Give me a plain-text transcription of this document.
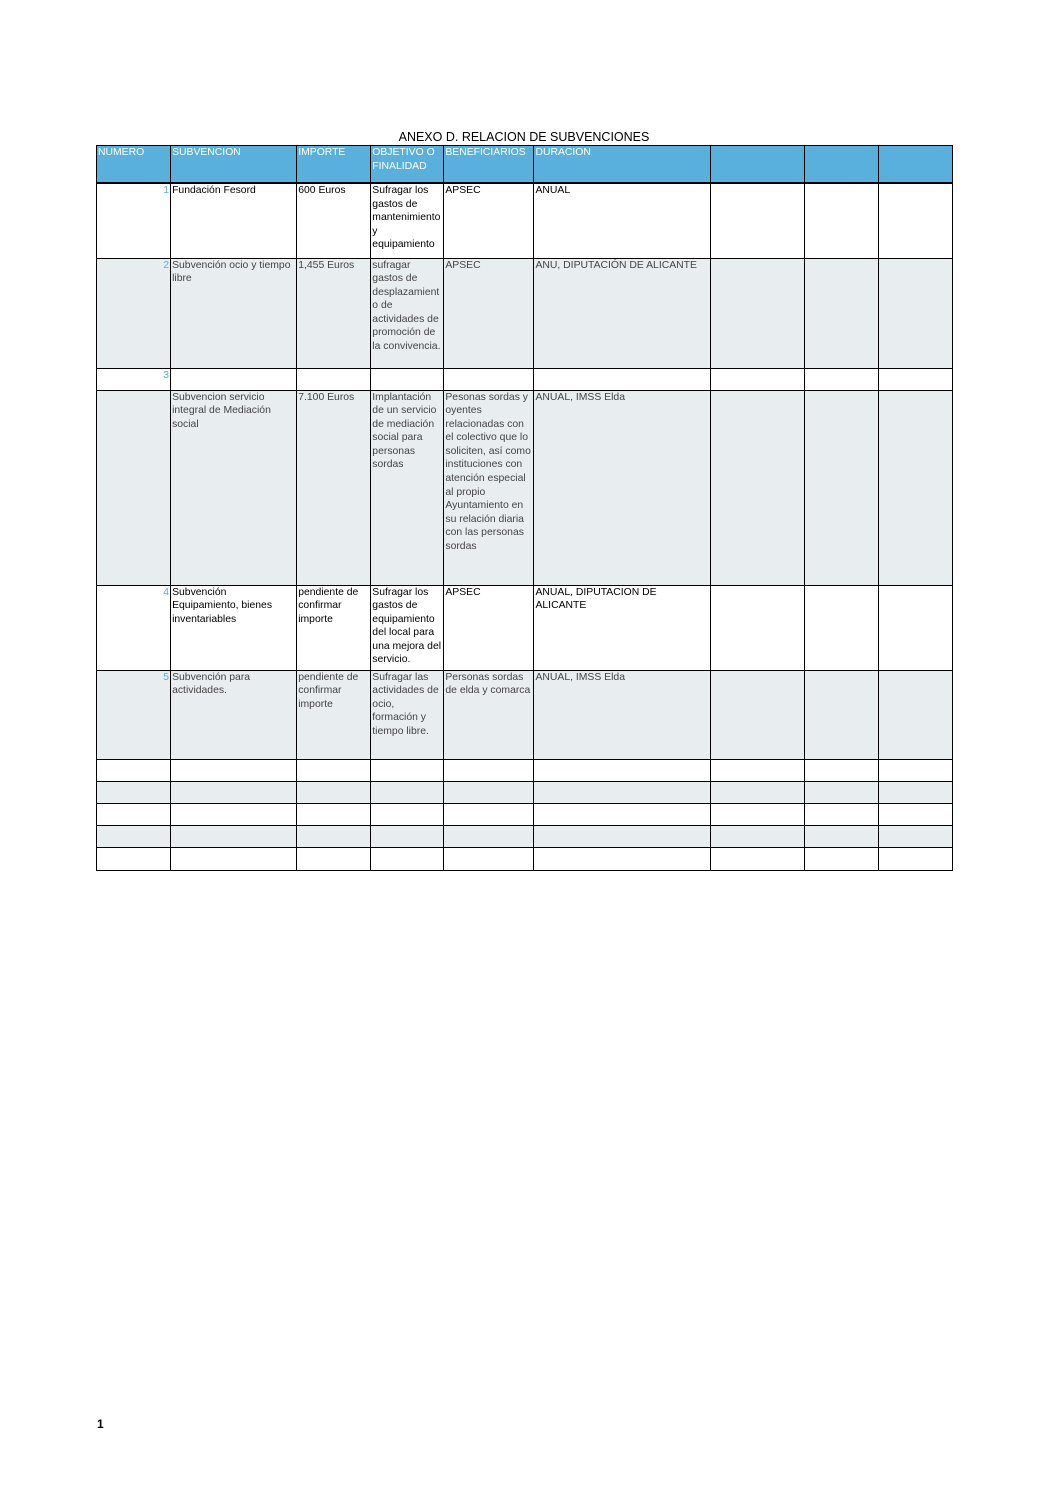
ANEXO D. RELACION DE SUBVENCIONES
NUMERO	SUBVENCION	IMPORTE	OBJETIVO O FINALIDAD	BENEFICIARIOS	DURACION			
1	Fundación Fesord	600 Euros	Sufragar los gastos de mantenimiento y equipamiento	APSEC	ANUAL			
2	Subvención ocio y tiempo libre	1,455 Euros	sufragar gastos de desplazamiento de actividades de promoción de la convivencia.	APSEC	ANU, DIPUTACIÓN DE ALICANTE			
3								
	Subvencion servicio integral de Mediación social	7.100 Euros	Implantación de un servicio de mediación social para personas sordas	Pesonas sordas y oyentes relacionadas con el colectivo que lo soliciten, así como instituciones con atención especial al propio Ayuntamiento en su relación diaria con las personas sordas	ANUAL, IMSS Elda			
4	Subvención Equipamiento, bienes inventariables	pendiente de confirmar importe	Sufragar los gastos de equipamiento del local para una mejora del servicio.	APSEC	ANUAL, DIPUTACION DE ALICANTE			
5	Subvención para actividades.	pendiente de confirmar importe	Sufragar las actividades de ocio, formación y tiempo libre.	Personas sordas de elda y comarca	ANUAL, IMSS Elda			

1
